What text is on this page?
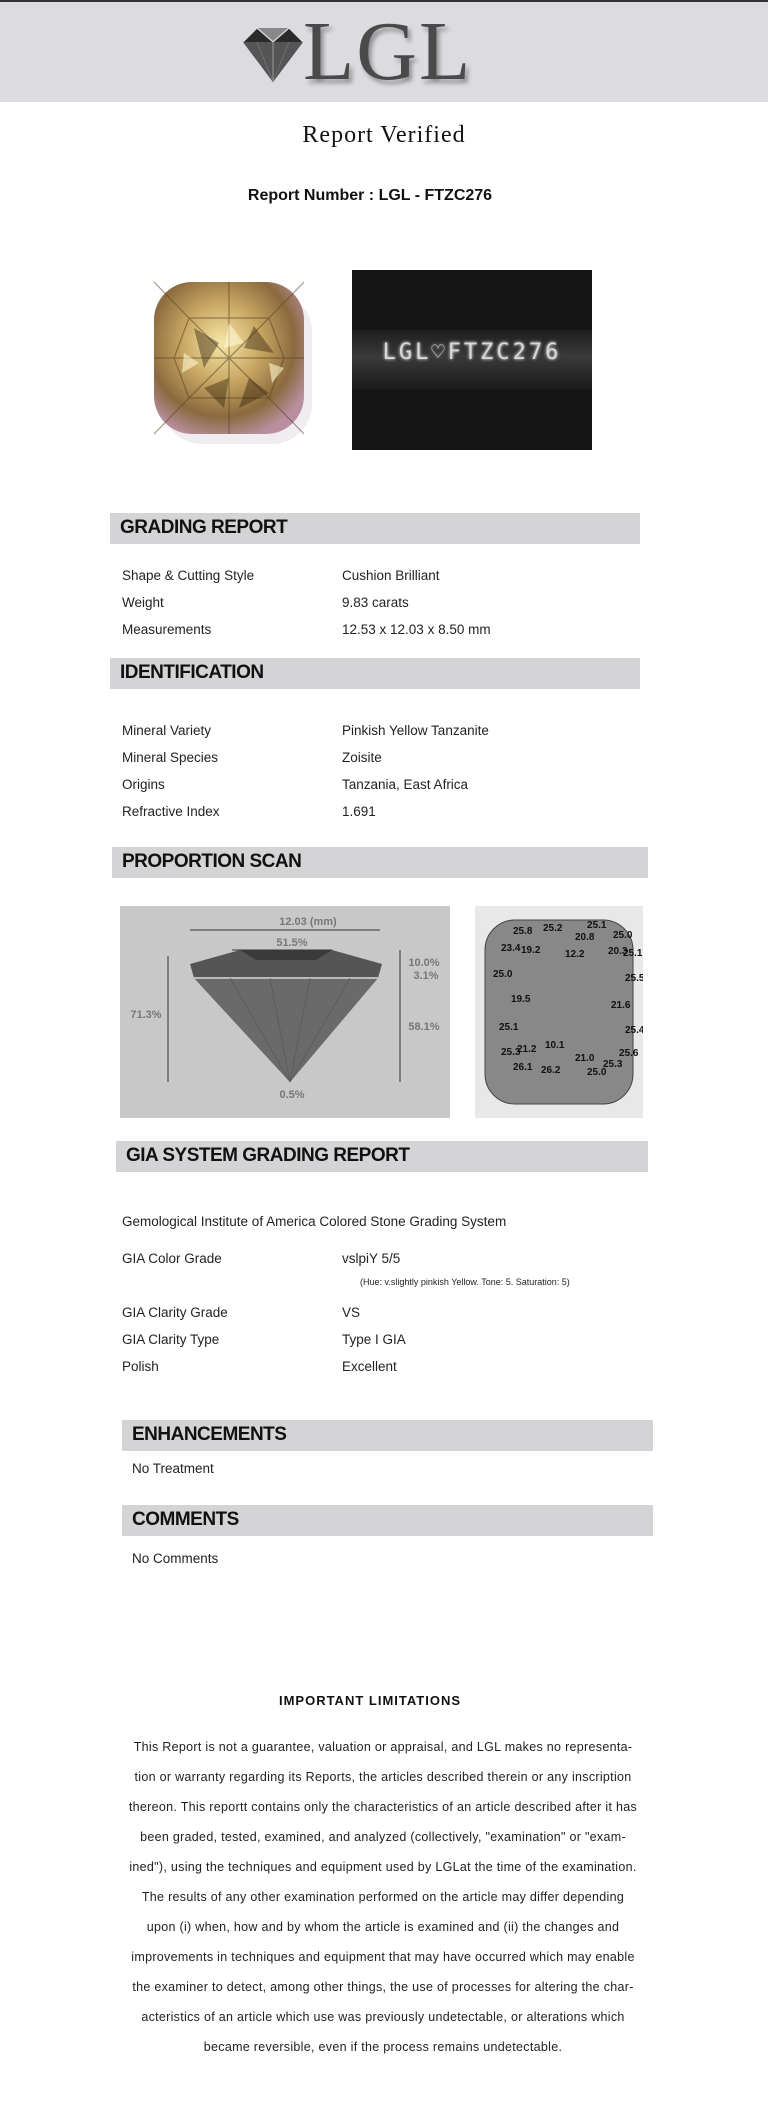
LGL
Report Verified
Report Number : LGL - FTZC276
LGL♡FTZC276
GRADING REPORT
Shape & Cutting Style	Cushion Brilliant
Weight	9.83 carats
Measurements	12.53 x 12.03 x 8.50 mm
IDENTIFICATION
Mineral Variety	Pinkish Yellow Tanzanite
Mineral Species	Zoisite
Origins	Tanzania, East Africa
Refractive Index	1.691
PROPORTION SCAN
12.03 (mm)
51.5%
71.3%
10.0%
3.1%
58.1%
0.5%
25.8 25.2 25.1
20.8 25.0
23.4 19.2 12.2 20.3
25.1
25.0	25.5
19.5
21.6
25.1	25.4
10.1
25.3
21.2
21.0 25.6
26.1 26.2
25.3
25.0
GIA SYSTEM GRADING REPORT
Gemological Institute of America Colored Stone Grading System
GIA Color Grade	vslpiY 5/5
(Hue: v.slightly pinkish Yellow. Tone: 5. Saturation: 5)
GIA Clarity Grade	VS
GIA Clarity Type	Type I GIA
Polish	Excellent
ENHANCEMENTS
No Treatment
COMMENTS
No Comments
IMPORTANT LIMITATIONS
This Report is not a guarantee, valuation or appraisal, and LGL makes no representa-
tion or warranty regarding its Reports, the articles described therein or any inscription
thereon. This reportt contains only the characteristics of an article described after it has
been graded, tested, examined, and analyzed (collectively, "examination" or "exam-
ined"), using the techniques and equipment used by LGLat the time of the examination.
The results of any other examination performed on the article may differ depending
upon (i) when, how and by whom the article is examined and (ii) the changes and
improvements in techniques and equipment that may have occurred which may enable
the examiner to detect, among other things, the use of processes for altering the char-
acteristics of an article which use was previously undetectable, or alterations which
became reversible, even if the process remains undetectable.
